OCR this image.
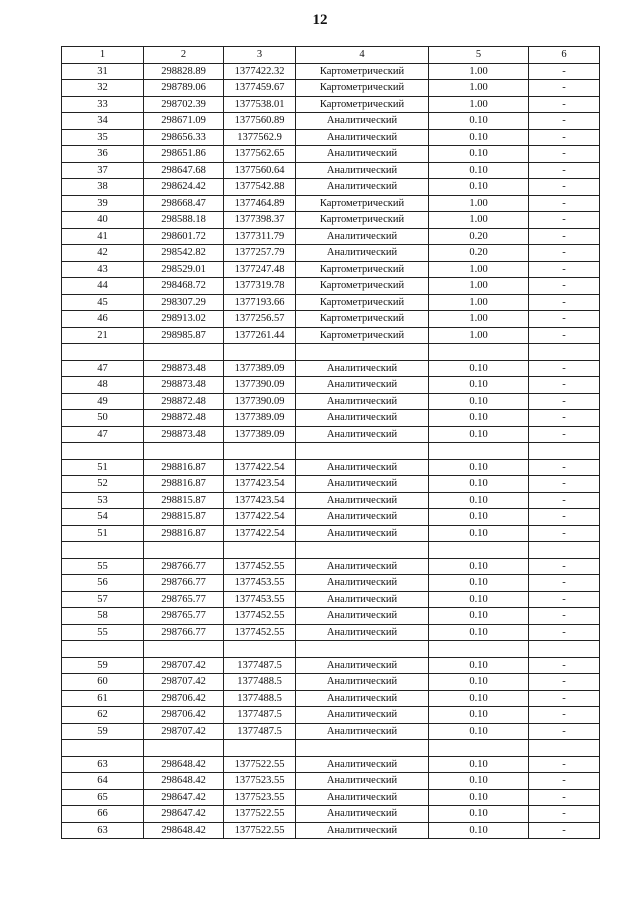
12
1	2	3	4	5	6
31	298828.89	1377422.32	Картометрический	1.00	-
32	298789.06	1377459.67	Картометрический	1.00	-
33	298702.39	1377538.01	Картометрический	1.00	-
34	298671.09	1377560.89	Аналитический	0.10	-
35	298656.33	1377562.9	Аналитический	0.10	-
36	298651.86	1377562.65	Аналитический	0.10	-
37	298647.68	1377560.64	Аналитический	0.10	-
38	298624.42	1377542.88	Аналитический	0.10	-
39	298668.47	1377464.89	Картометрический	1.00	-
40	298588.18	1377398.37	Картометрический	1.00	-
41	298601.72	1377311.79	Аналитический	0.20	-
42	298542.82	1377257.79	Аналитический	0.20	-
43	298529.01	1377247.48	Картометрический	1.00	-
44	298468.72	1377319.78	Картометрический	1.00	-
45	298307.29	1377193.66	Картометрический	1.00	-
46	298913.02	1377256.57	Картометрический	1.00	-
21	298985.87	1377261.44	Картометрический	1.00	-

47	298873.48	1377389.09	Аналитический	0.10	-
48	298873.48	1377390.09	Аналитический	0.10	-
49	298872.48	1377390.09	Аналитический	0.10	-
50	298872.48	1377389.09	Аналитический	0.10	-
47	298873.48	1377389.09	Аналитический	0.10	-

51	298816.87	1377422.54	Аналитический	0.10	-
52	298816.87	1377423.54	Аналитический	0.10	-
53	298815.87	1377423.54	Аналитический	0.10	-
54	298815.87	1377422.54	Аналитический	0.10	-
51	298816.87	1377422.54	Аналитический	0.10	-

55	298766.77	1377452.55	Аналитический	0.10	-
56	298766.77	1377453.55	Аналитический	0.10	-
57	298765.77	1377453.55	Аналитический	0.10	-
58	298765.77	1377452.55	Аналитический	0.10	-
55	298766.77	1377452.55	Аналитический	0.10	-

59	298707.42	1377487.5	Аналитический	0.10	-
60	298707.42	1377488.5	Аналитический	0.10	-
61	298706.42	1377488.5	Аналитический	0.10	-
62	298706.42	1377487.5	Аналитический	0.10	-
59	298707.42	1377487.5	Аналитический	0.10	-

63	298648.42	1377522.55	Аналитический	0.10	-
64	298648.42	1377523.55	Аналитический	0.10	-
65	298647.42	1377523.55	Аналитический	0.10	-
66	298647.42	1377522.55	Аналитический	0.10	-
63	298648.42	1377522.55	Аналитический	0.10	-
